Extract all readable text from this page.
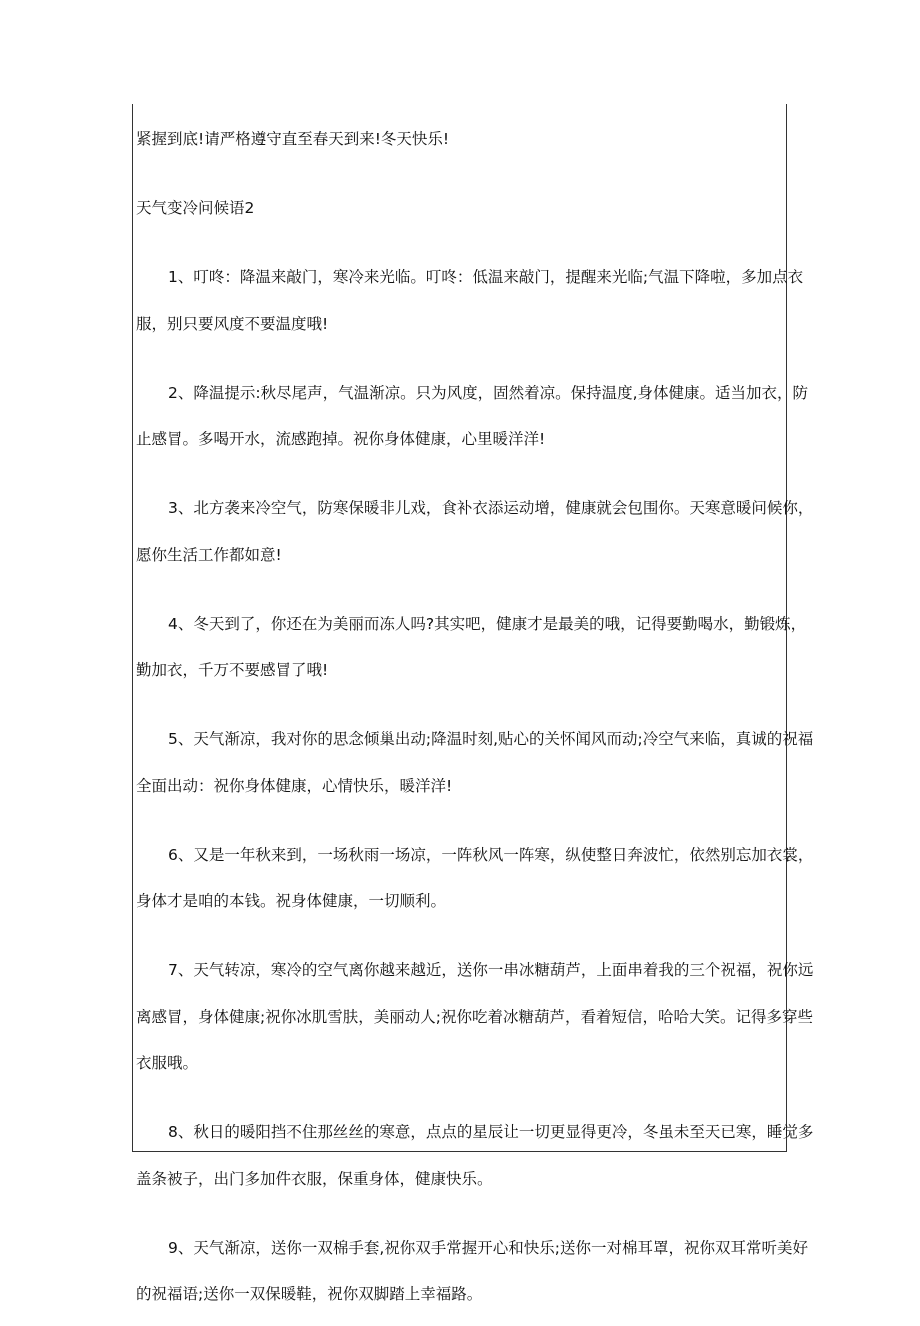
紧握到底!请严格遵守直至春天到来!冬天快乐!
天气变冷问候语2
1、叮咚：降温来敲门，寒冷来光临。叮咚：低温来敲门，提醒来光临;气温下降啦，多加点衣
服，别只要风度不要温度哦!
2、降温提示:秋尽尾声，气温渐凉。只为风度，固然着凉。保持温度,身体健康。适当加衣，防
止感冒。多喝开水，流感跑掉。祝你身体健康，心里暖洋洋!
3、北方袭来冷空气，防寒保暖非儿戏，食补衣添运动增，健康就会包围你。天寒意暖问候你，
愿你生活工作都如意!
4、冬天到了，你还在为美丽而冻人吗?其实吧，健康才是最美的哦，记得要勤喝水，勤锻炼，
勤加衣，千万不要感冒了哦!
5、天气渐凉，我对你的思念倾巢出动;降温时刻,贴心的关怀闻风而动;冷空气来临，真诚的祝福
全面出动：祝你身体健康，心情快乐，暖洋洋!
6、又是一年秋来到，一场秋雨一场凉，一阵秋风一阵寒，纵使整日奔波忙，依然别忘加衣裳，
身体才是咱的本钱。祝身体健康，一切顺利。
7、天气转凉，寒冷的空气离你越来越近，送你一串冰糖葫芦，上面串着我的三个祝福，祝你远
离感冒，身体健康;祝你冰肌雪肤，美丽动人;祝你吃着冰糖葫芦，看着短信，哈哈大笑。记得多穿些
衣服哦。
8、秋日的暖阳挡不住那丝丝的寒意，点点的星辰让一切更显得更冷，冬虽未至天已寒，睡觉多
盖条被子，出门多加件衣服，保重身体，健康快乐。
9、天气渐凉，送你一双棉手套,祝你双手常握开心和快乐;送你一对棉耳罩，祝你双耳常听美好
的祝福语;送你一双保暖鞋，祝你双脚踏上幸福路。
